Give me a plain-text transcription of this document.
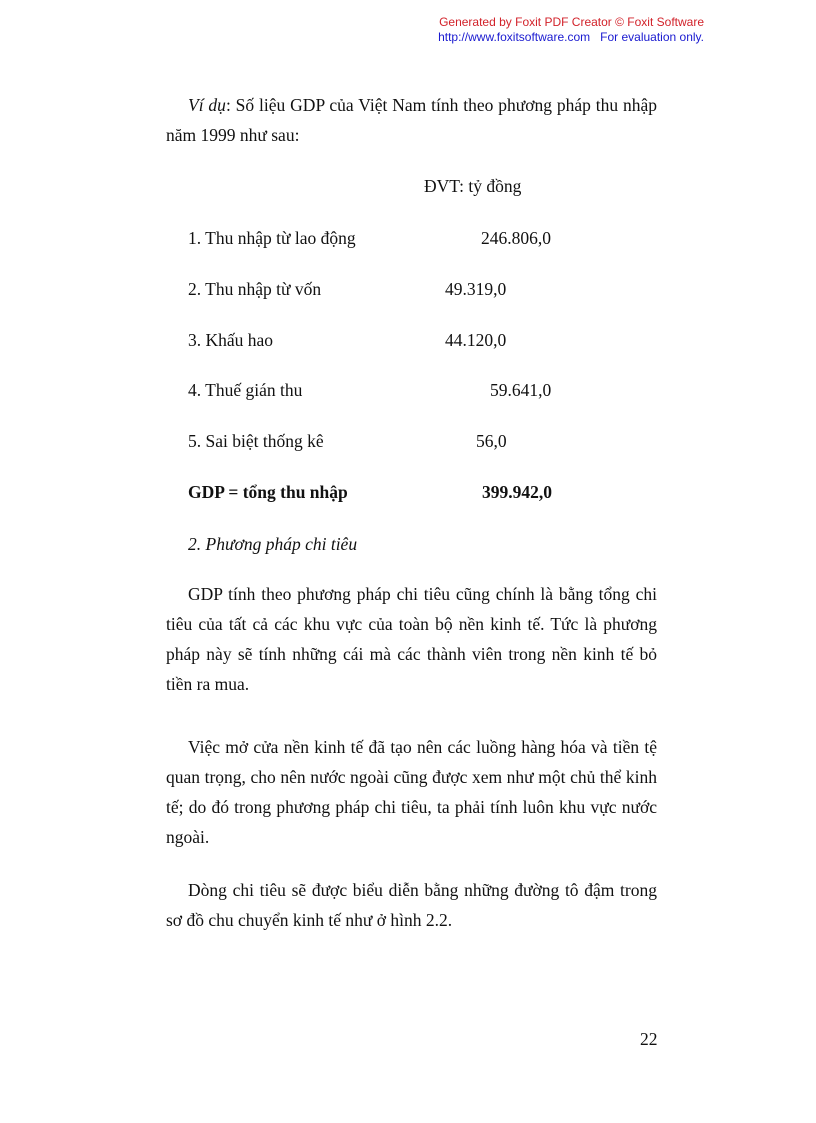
Generated by Foxit PDF Creator © Foxit Software
http://www.foxitsoftware.com For evaluation only.
Ví dụ: Số liệu GDP của Việt Nam tính theo phương pháp thu nhập năm 1999 như sau:
ĐVT: tỷ đồng
1. Thu nhập từ lao động	246.806,0
2. Thu nhập từ vốn	49.319,0
3. Khấu hao	44.120,0
4. Thuế gián thu	59.641,0
5. Sai biệt thống kê	56,0
GDP = tổng thu nhập	399.942,0
2. Phương pháp chi tiêu
GDP tính theo phương pháp chi tiêu cũng chính là bằng tổng chi tiêu của tất cả các khu vực của toàn bộ nền kinh tế. Tức là phương pháp này sẽ tính những cái mà các thành viên trong nền kinh tế bỏ tiền ra mua.
Việc mở cửa nền kinh tế đã tạo nên các luồng hàng hóa và tiền tệ quan trọng, cho nên nước ngoài cũng được xem như một chủ thể kinh tế; do đó trong phương pháp chi tiêu, ta phải tính luôn khu vực nước ngoài.
Dòng chi tiêu sẽ được biểu diễn bằng những đường tô đậm trong sơ đồ chu chuyển kinh tế như ở hình 2.2.
22
